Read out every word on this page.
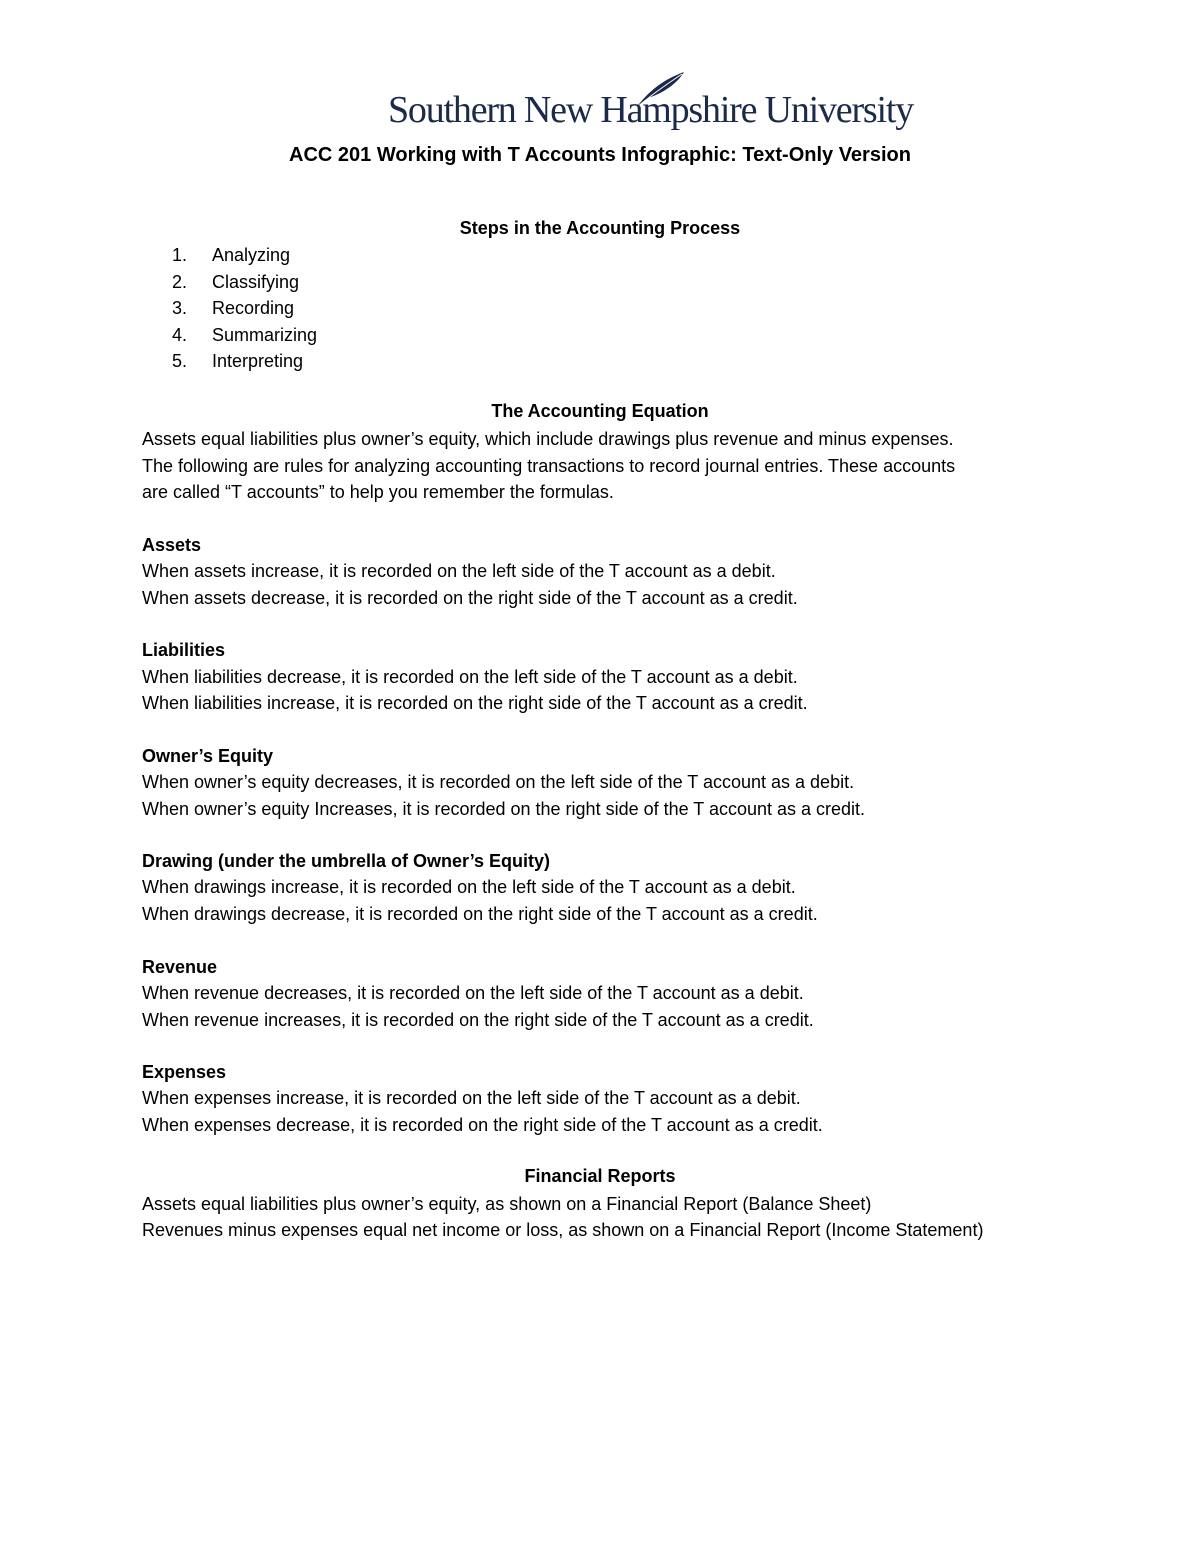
Southern New Hampshire University
ACC 201 Working with T Accounts Infographic: Text-Only Version
Steps in the Accounting Process
1. Analyzing
2. Classifying
3. Recording
4. Summarizing
5. Interpreting
The Accounting Equation
Assets equal liabilities plus owner’s equity, which include drawings plus revenue and minus expenses.
The following are rules for analyzing accounting transactions to record journal entries. These accounts
are called “T accounts” to help you remember the formulas.
Assets
When assets increase, it is recorded on the left side of the T account as a debit.
When assets decrease, it is recorded on the right side of the T account as a credit.
Liabilities
When liabilities decrease, it is recorded on the left side of the T account as a debit.
When liabilities increase, it is recorded on the right side of the T account as a credit.
Owner’s Equity
When owner’s equity decreases, it is recorded on the left side of the T account as a debit.
When owner’s equity Increases, it is recorded on the right side of the T account as a credit.
Drawing (under the umbrella of Owner’s Equity)
When drawings increase, it is recorded on the left side of the T account as a debit.
When drawings decrease, it is recorded on the right side of the T account as a credit.
Revenue
When revenue decreases, it is recorded on the left side of the T account as a debit.
When revenue increases, it is recorded on the right side of the T account as a credit.
Expenses
When expenses increase, it is recorded on the left side of the T account as a debit.
When expenses decrease, it is recorded on the right side of the T account as a credit.
Financial Reports
Assets equal liabilities plus owner’s equity, as shown on a Financial Report (Balance Sheet)
Revenues minus expenses equal net income or loss, as shown on a Financial Report (Income Statement)
